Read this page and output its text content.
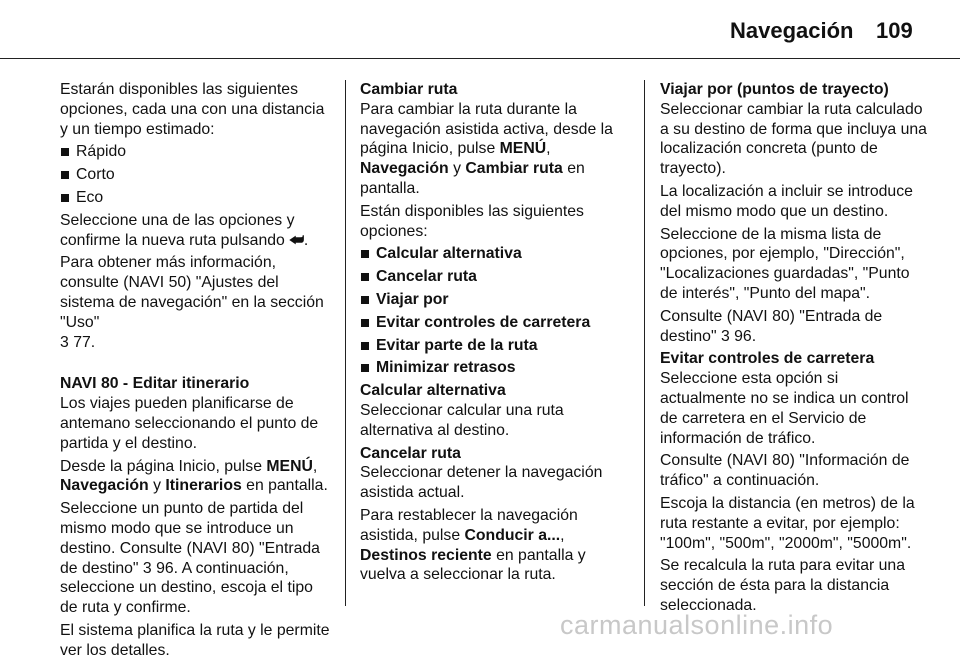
Navegación 109

Estarán disponibles las siguientes opciones, cada una con una distancia y un tiempo estimado:

Rápido
Corto
Eco

Seleccione una de las opciones y confirme la nueva ruta pulsando ⮨.

Para obtener más información, consulte (NAVI 50) "Ajustes del sistema de navegación" en la sección "Uso"
3 77.

NAVI 80 - Editar itinerario
Los viajes pueden planificarse de antemano seleccionando el punto de partida y el destino.

Desde la página Inicio, pulse MENÚ, Navegación y Itinerarios en pantalla.

Seleccione un punto de partida del mismo modo que se introduce un destino. Consulte (NAVI 80) "Entrada de destino" 3 96. A continuación, seleccione un destino, escoja el tipo de ruta y confirme.

El sistema planifica la ruta y le permite ver los detalles.

Cambiar ruta
Para cambiar la ruta durante la navegación asistida activa, desde la página Inicio, pulse MENÚ, Navegación y Cambiar ruta en pantalla.

Están disponibles las siguientes opciones:

Calcular alternativa
Cancelar ruta
Viajar por
Evitar controles de carretera
Evitar parte de la ruta
Minimizar retrasos

Calcular alternativa
Seleccionar calcular una ruta alternativa al destino.

Cancelar ruta
Seleccionar detener la navegación asistida actual.

Para restablecer la navegación asistida, pulse Conducir a..., Destinos reciente en pantalla y vuelva a seleccionar la ruta.

Viajar por (puntos de trayecto)
Seleccionar cambiar la ruta calculado a su destino de forma que incluya una localización concreta (punto de trayecto).

La localización a incluir se introduce del mismo modo que un destino.

Seleccione de la misma lista de opciones, por ejemplo, "Dirección", "Localizaciones guardadas", "Punto de interés", "Punto del mapa".

Consulte (NAVI 80) "Entrada de destino" 3 96.

Evitar controles de carretera
Seleccione esta opción si actualmente no se indica un control de carretera en el Servicio de información de tráfico.

Consulte (NAVI 80) "Información de tráfico" a continuación.

Escoja la distancia (en metros) de la ruta restante a evitar, por ejemplo: "100m", "500m", "2000m", "5000m".

Se recalcula la ruta para evitar una sección de ésta para la distancia seleccionada.

carmanualsonline.info
